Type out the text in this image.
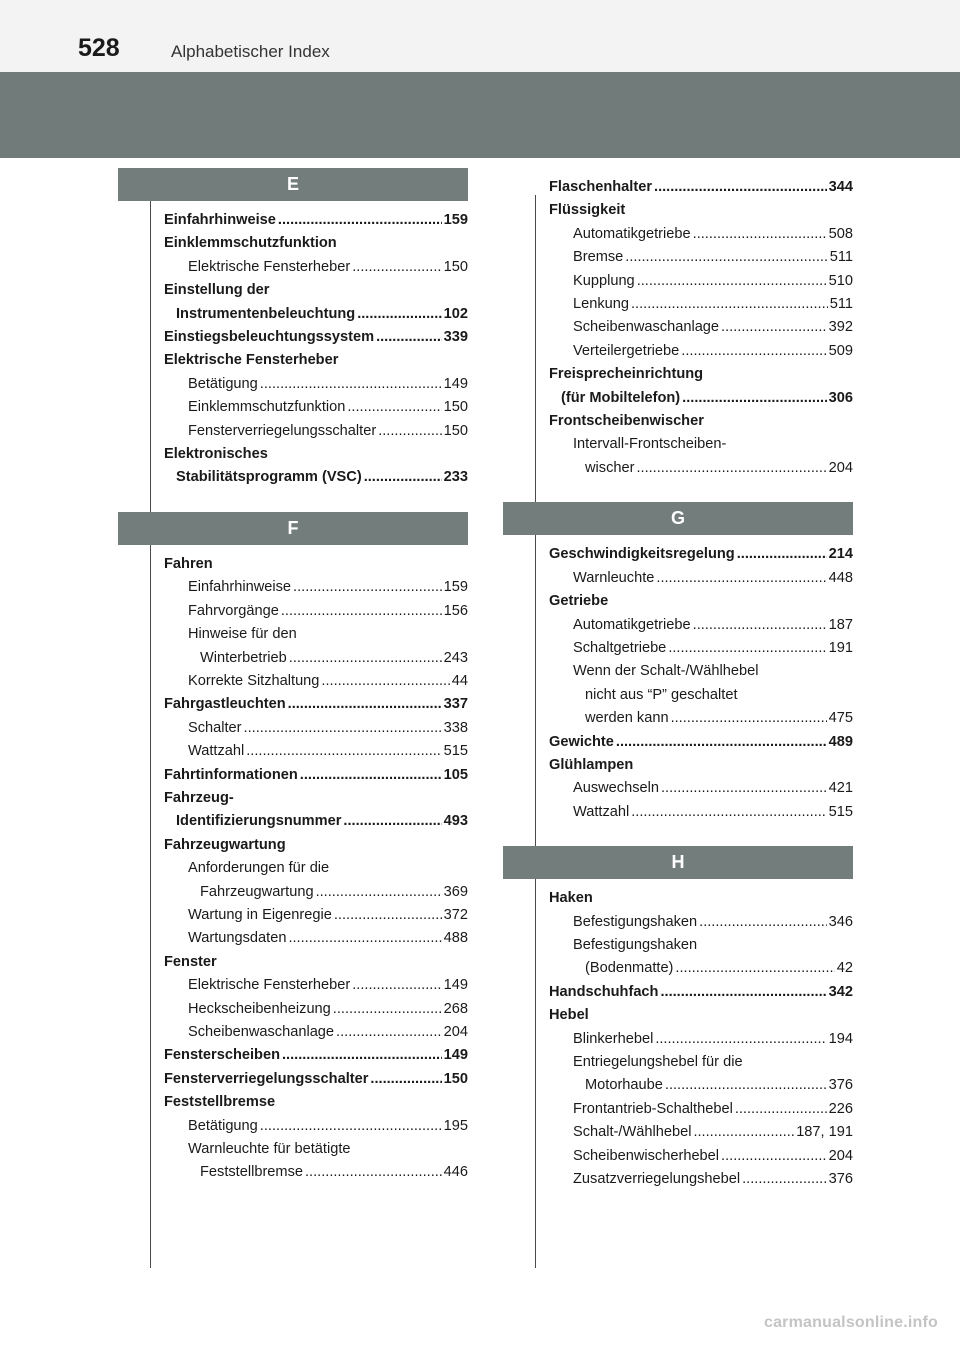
528	Alphabetischer Index
E
Einfahrhinweise .....	159
Einklemmschutzfunktion
Elektrische Fensterheber .....	150
Einstellung der
Instrumentenbeleuchtung .....	102
Einstiegsbeleuchtungssystem .....	339
Elektrische Fensterheber
Betätigung .....	149
Einklemmschutzfunktion .....	150
Fensterverriegelungsschalter .....	150
Elektronisches
Stabilitätsprogramm (VSC) .....	233
F
Fahren
Einfahrhinweise .....	159
Fahrvorgänge .....	156
Hinweise für den
Winterbetrieb .....	243
Korrekte Sitzhaltung .....	44
Fahrgastleuchten .....	337
Schalter .....	338
Wattzahl .....	515
Fahrtinformationen .....	105
Fahrzeug-
Identifizierungsnummer .....	493
Fahrzeugwartung
Anforderungen für die
Fahrzeugwartung .....	369
Wartung in Eigenregie .....	372
Wartungsdaten .....	488
Fenster
Elektrische Fensterheber .....	149
Heckscheibenheizung .....	268
Scheibenwaschanlage .....	204
Fensterscheiben .....	149
Fensterverriegelungsschalter .....	150
Feststellbremse
Betätigung .....	195
Warnleuchte für betätigte
Feststellbremse .....	446
Flaschenhalter .....	344
Flüssigkeit
Automatikgetriebe .....	508
Bremse .....	511
Kupplung .....	510
Lenkung .....	511
Scheibenwaschanlage .....	392
Verteilergetriebe .....	509
Freisprecheinrichtung
(für Mobiltelefon) .....	306
Frontscheibenwischer
Intervall-Frontscheiben-
wischer .....	204
G
Geschwindigkeitsregelung .....	214
Warnleuchte .....	448
Getriebe
Automatikgetriebe .....	187
Schaltgetriebe .....	191
Wenn der Schalt-/Wählhebel
nicht aus “P” geschaltet
werden kann .....	475
Gewichte .....	489
Glühlampen
Auswechseln .....	421
Wattzahl .....	515
H
Haken
Befestigungshaken .....	346
Befestigungshaken
(Bodenmatte) .....	42
Handschuhfach .....	342
Hebel
Blinkerhebel .....	194
Entriegelungshebel für die
Motorhaube .....	376
Frontantrieb-Schalthebel .....	226
Schalt-/Wählhebel .....	187, 191
Scheibenwischerhebel .....	204
Zusatzverriegelungshebel .....	376
carmanualsonline.info
